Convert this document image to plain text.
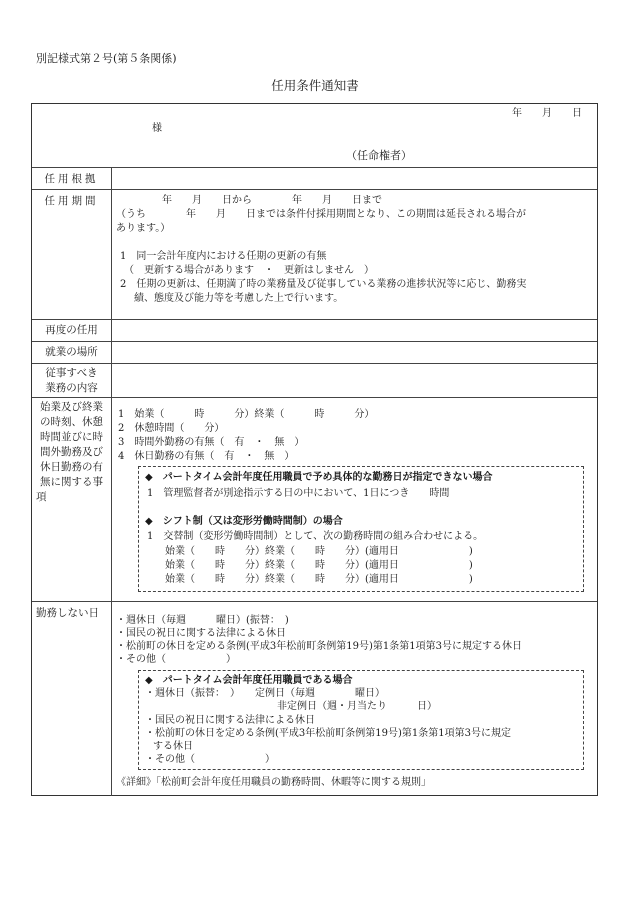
別記様式第２号(第５条関係)
任用条件通知書
年　　月　　日
様
（任命権者）
任用根拠
任用期間	年　　月　　日から　　　　年　　月　　日まで
（うち　　　　年　　月　　日までは条件付採用期間となり、この期間は延長される場合が
あります。）
1　同一会計年度内における任期の更新の有無
（　更新する場合があります　・　更新はしません　）
2　任期の更新は、任期満了時の業務量及び従事している業務の進捗状況等に応じ、勤務実
績、態度及び能力等を考慮した上で行います。
再度の任用
就業の場所
従事すべき
業務の内容
始業及び終業
の時刻、休憩
時間並びに時
間外勤務及び
休日勤務の有
無に関する事
項
1　始業（　　　時　　　分）終業（　　　時　　　分）
2　休憩時間（　　分）
3　時間外勤務の有無（　有　・　無　）
4　休日勤務の有無（　有　・　無　）
◆　パートタイム会計年度任用職員で予め具体的な勤務日が指定できない場合
1　管理監督者が別途指示する日の中において、1日につき　　時間
◆　シフト制（又は変形労働時間制）の場合
1　交替制（変形労働時間制）として、次の勤務時間の組み合わせによる。
始業（　　時　　分）終業（　　時　　分）(適用日　　　　　　　)
始業（　　時　　分）終業（　　時　　分）(適用日　　　　　　　)
始業（　　時　　分）終業（　　時　　分）(適用日　　　　　　　)
勤務しない日
・週休日（毎週　　　曜日）(振替：　)
・国民の祝日に関する法律による休日
・松前町の休日を定める条例(平成3年松前町条例第19号)第1条第1項第3号に規定する休日
・その他（　　　　　　）
◆　パートタイム会計年度任用職員である場合
・週休日（振替：　）　　定例日（毎週　　　　曜日）
非定例日（週・月当たり　　　日）
・国民の祝日に関する法律による休日
・松前町の休日を定める条例(平成3年松前町条例第19号)第1条第1項第3号に規定
する休日
・その他（　　　　　　　）
《詳細》「松前町会計年度任用職員の勤務時間、休暇等に関する規則」
